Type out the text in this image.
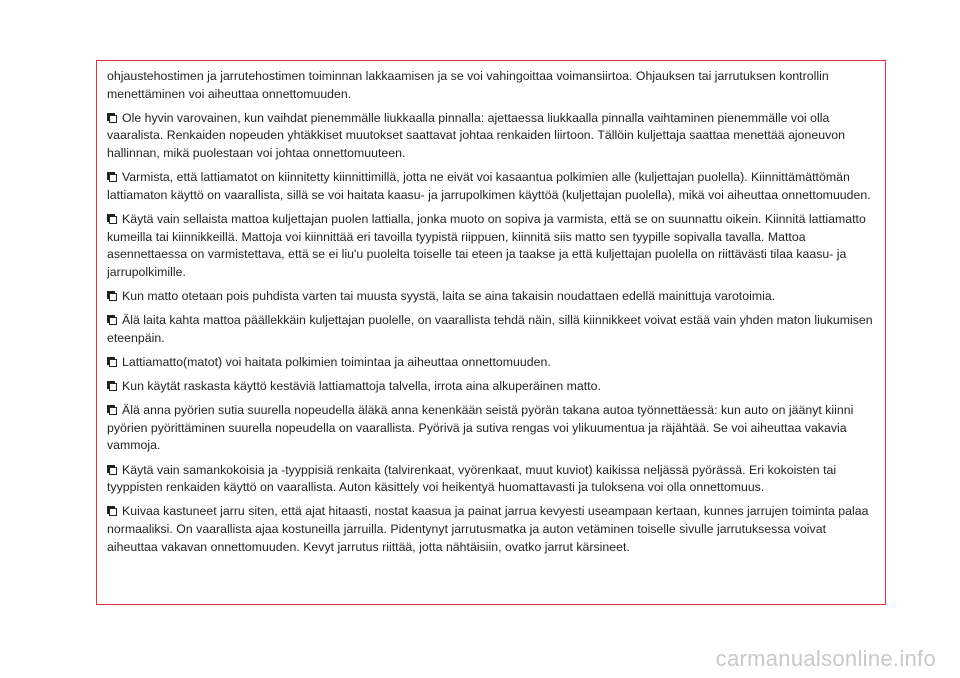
ohjaustehostimen ja jarrutehostimen toiminnan lakkaamisen ja se voi vahingoittaa voimansiirtoa. Ohjauksen tai jarrutuksen kontrollin menettäminen voi aiheuttaa onnettomuuden.

Ole hyvin varovainen, kun vaihdat pienemmälle liukkaalla pinnalla: ajettaessa liukkaalla pinnalla vaihtaminen pienemmälle voi olla vaaralista. Renkaiden nopeuden yhtäkkiset muutokset saattavat johtaa renkaiden liirtoon. Tällöin kuljettaja saattaa menettää ajoneuvon hallinnan, mikä puolestaan voi johtaa onnettomuuteen.

Varmista, että lattiamatot on kiinnitetty kiinnittimillä, jotta ne eivät voi kasaantua polkimien alle (kuljettajan puolella). Kiinnittämättömän lattiamaton käyttö on vaarallista, sillä se voi haitata kaasu- ja jarrupolkimen käyttöä (kuljettajan puolella), mikä voi aiheuttaa onnettomuuden.

Käytä vain sellaista mattoa kuljettajan puolen lattialla, jonka muoto on sopiva ja varmista, että se on suunnattu oikein. Kiinnitä lattiamatto kumeilla tai kiinnikkeillä. Mattoja voi kiinnittää eri tavoilla tyypistä riippuen, kiinnitä siis matto sen tyypille sopivalla tavalla. Mattoa asennettaessa on varmistettava, että se ei liu'u puolelta toiselle tai eteen ja taakse ja että kuljettajan puolella on riittävästi tilaa kaasu- ja jarrupolkimille.

Kun matto otetaan pois puhdista varten tai muusta syystä, laita se aina takaisin noudattaen edellä mainittuja varotoimia.

Älä laita kahta mattoa päällekkäin kuljettajan puolelle, on vaarallista tehdä näin, sillä kiinnikkeet voivat estää vain yhden maton liukumisen eteenpäin.

Lattiamatto(matot) voi haitata polkimien toimintaa ja aiheuttaa onnettomuuden.

Kun käytät raskasta käyttö kestäviä lattiamattoja talvella, irrota aina alkuperäinen matto.

Älä anna pyörien sutia suurella nopeudella äläkä anna kenenkään seistä pyörän takana autoa työnnettäessä: kun auto on jäänyt kiinni pyörien pyörittäminen suurella nopeudella on vaarallista. Pyörivä ja sutiva rengas voi ylikuumentua ja räjähtää. Se voi aiheuttaa vakavia vammoja.

Käytä vain samankokoisia ja -tyyppisiä renkaita (talvirenkaat, vyörenkaat, muut kuviot) kaikissa neljässä pyörässä. Eri kokoisten tai tyyppisten renkaiden käyttö on vaarallista. Auton käsittely voi heikentyä huomattavasti ja tuloksena voi olla onnettomuus.

Kuivaa kastuneet jarru siten, että ajat hitaasti, nostat kaasua ja painat jarrua kevyesti useampaan kertaan, kunnes jarrujen toiminta palaa normaaliksi. On vaarallista ajaa kostuneilla jarruilla. Pidentynyt jarrutusmatka ja auton vetäminen toiselle sivulle jarrutuksessa voivat aiheuttaa vakavan onnettomuuden. Kevyt jarrutus riittää, jotta nähtäisiin, ovatko jarrut kärsineet.

carmanualsonline.info
